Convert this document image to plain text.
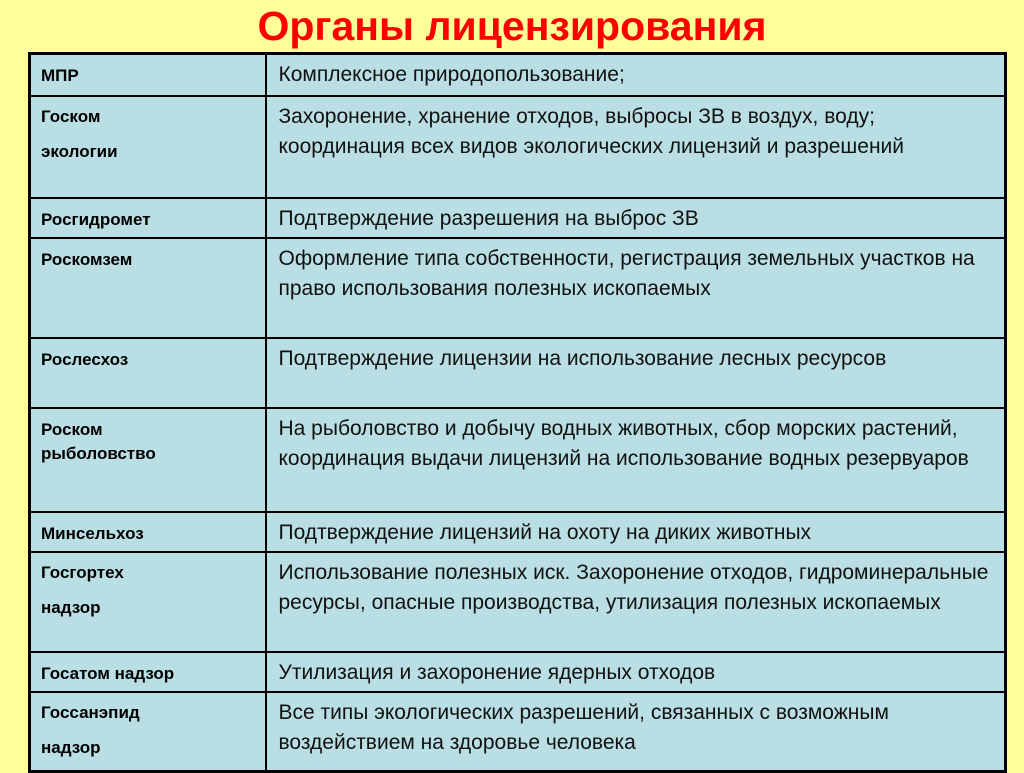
Органы лицензирования
МПР	Комплексное природопользование;

Госком
экологии	Захоронение, хранение отходов, выбросы ЗВ в воздух, воду; координация всех видов экологических лицензий и разрешений

Росгидромет	Подтверждение разрешения на выброс ЗВ

Роскомзем	Оформление типа собственности, регистрация земельных участков на право использования полезных ископаемых

Рослесхоз	Подтверждение лицензии на использование лесных ресурсов

Роском
рыболовство	На рыболовство и добычу водных животных, сбор морских растений, координация выдачи лицензий на использование водных резервуаров

Минсельхоз	Подтверждение лицензий на охоту на диких животных

Госгортех
надзор	Использование полезных иск. Захоронение отходов, гидроминеральные ресурсы, опасные производства, утилизация полезных ископаемых

Госатом надзор	Утилизация и захоронение ядерных отходов

Госсанэпид
надзор	Все типы экологических разрешений, связанных с возможным воздействием на здоровье человека
